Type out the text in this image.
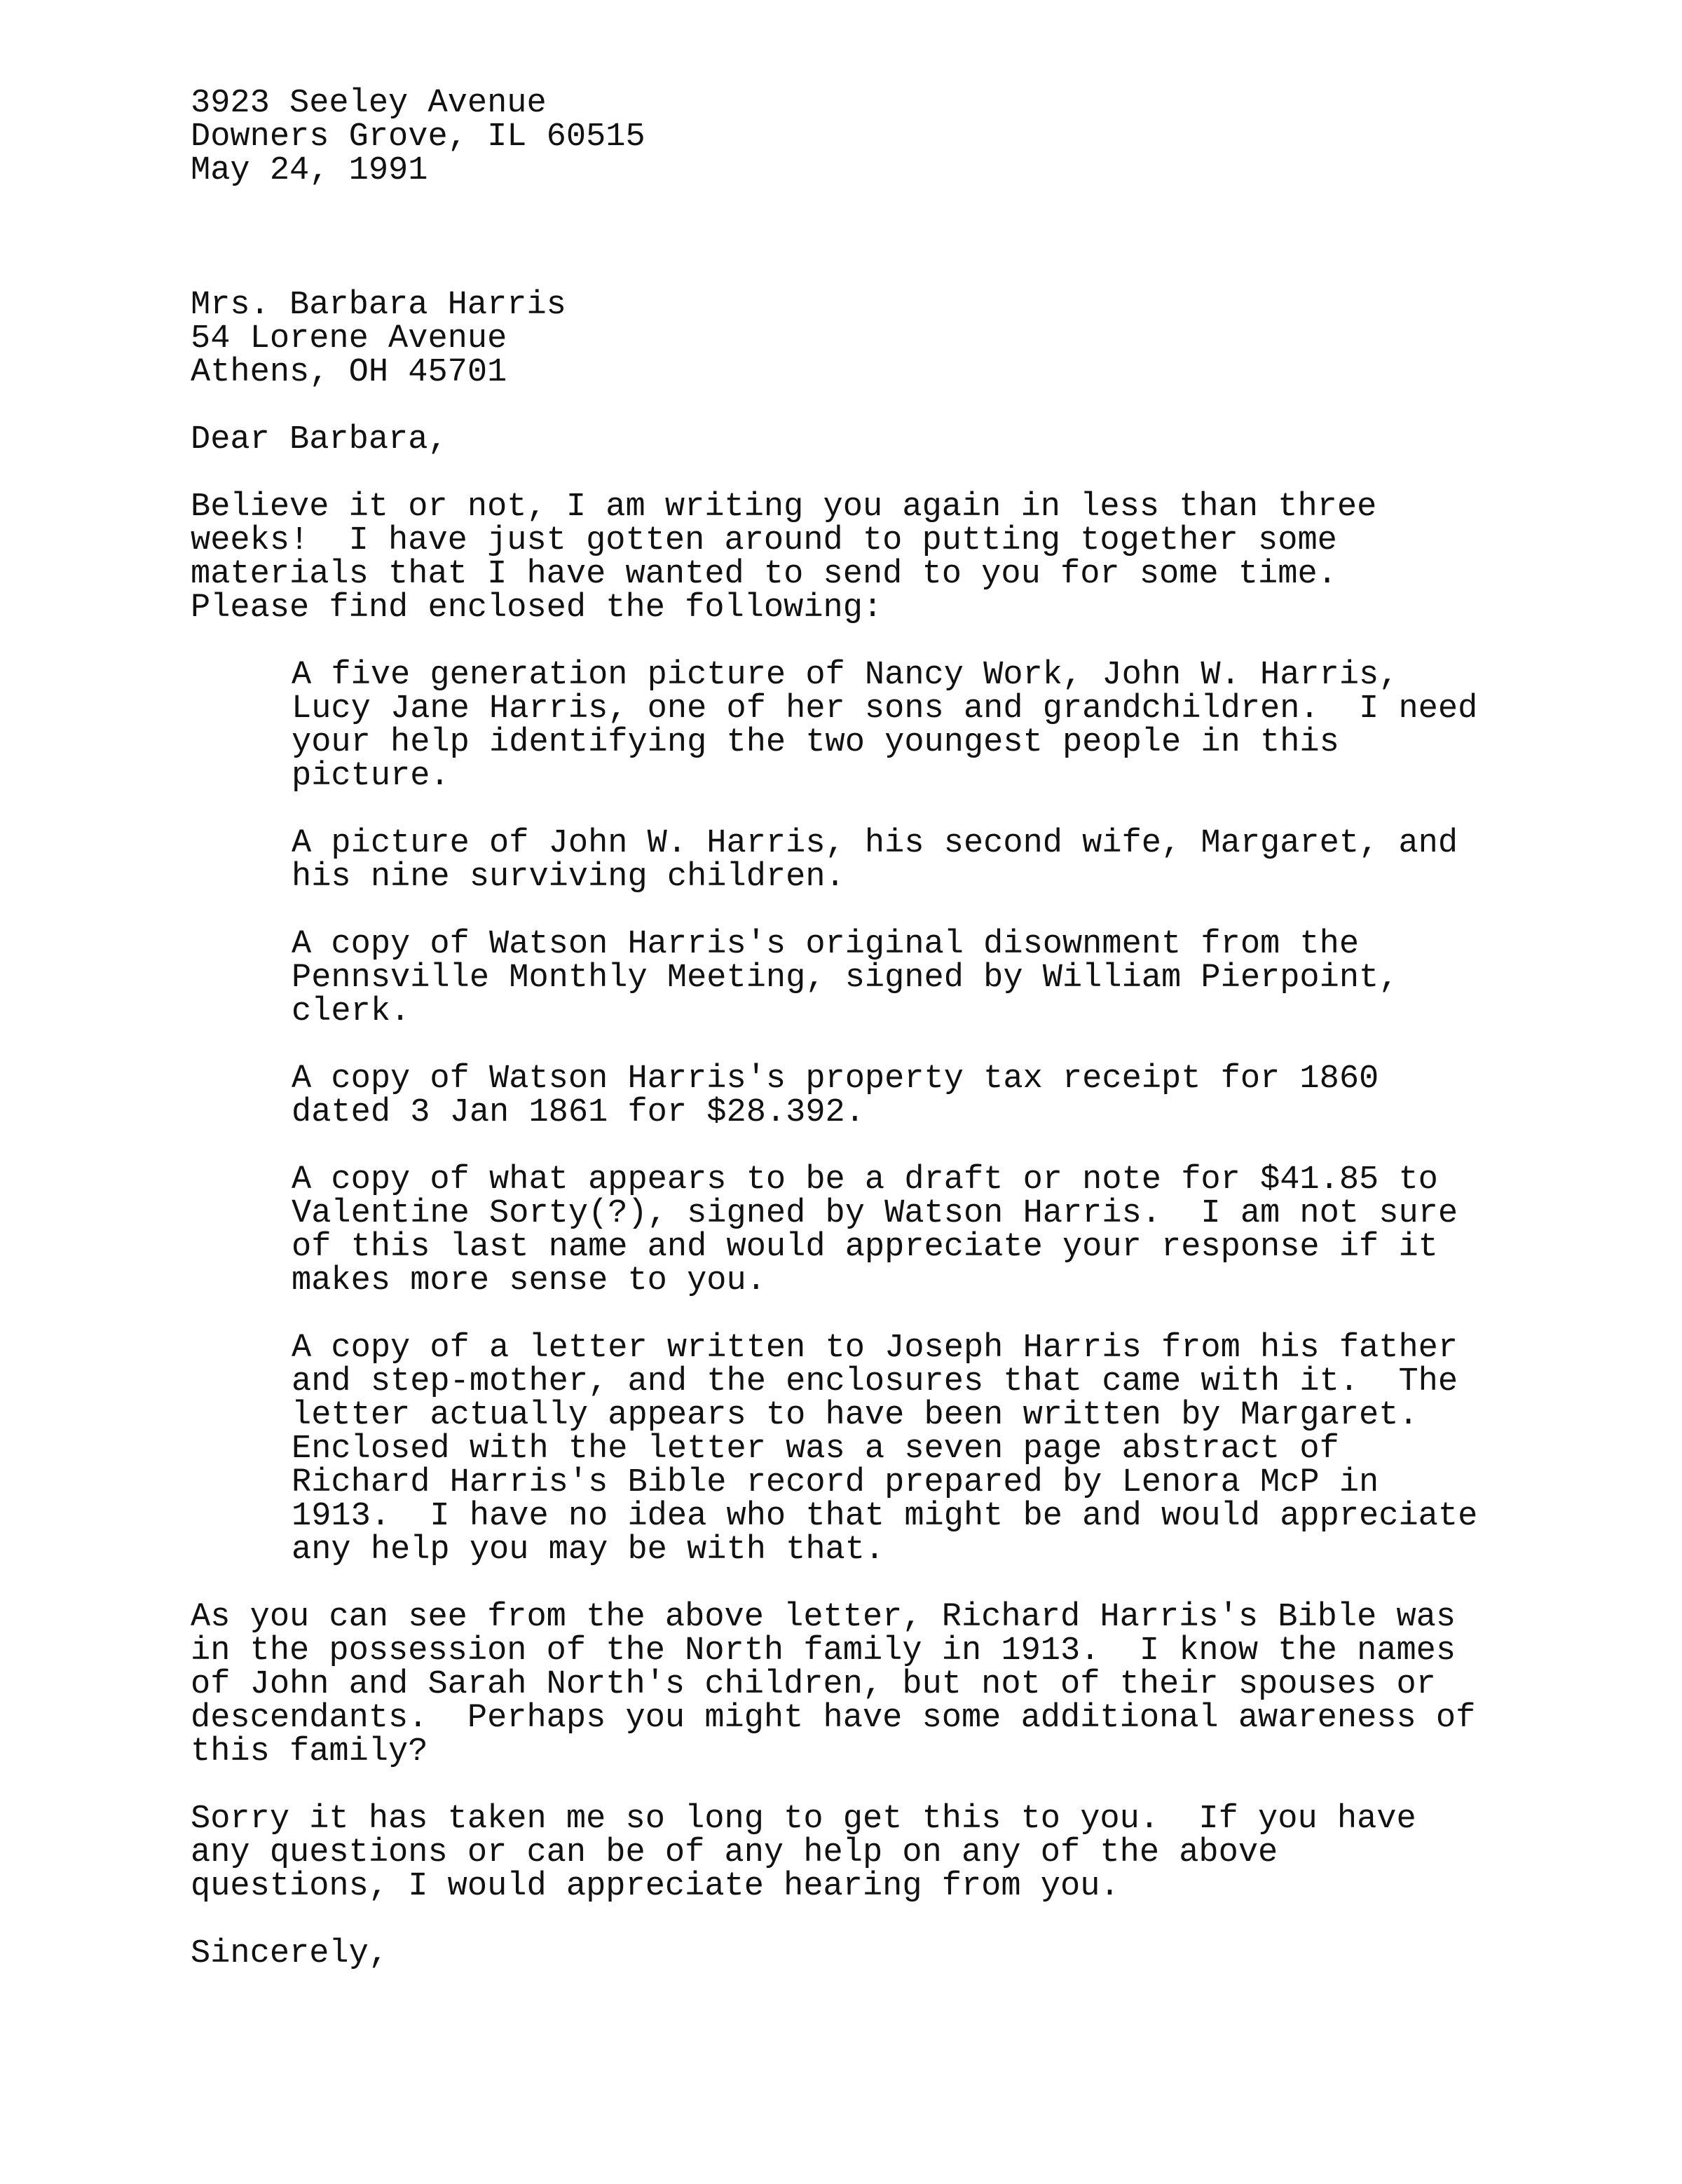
3923 Seeley Avenue
Downers Grove, IL 60515
May 24, 1991
Mrs. Barbara Harris
54 Lorene Avenue
Athens, OH 45701
Dear Barbara,
Believe it or not, I am writing you again in less than three
weeks!  I have just gotten around to putting together some
materials that I have wanted to send to you for some time.
Please find enclosed the following:
A five generation picture of Nancy Work, John W. Harris,
Lucy Jane Harris, one of her sons and grandchildren.  I need
your help identifying the two youngest people in this
picture.
A picture of John W. Harris, his second wife, Margaret, and
his nine surviving children.
A copy of Watson Harris's original disownment from the
Pennsville Monthly Meeting, signed by William Pierpoint,
clerk.
A copy of Watson Harris's property tax receipt for 1860
dated 3 Jan 1861 for $28.392.
A copy of what appears to be a draft or note for $41.85 to
Valentine Sorty(?), signed by Watson Harris.  I am not sure
of this last name and would appreciate your response if it
makes more sense to you.
A copy of a letter written to Joseph Harris from his father
and step-mother, and the enclosures that came with it.  The
letter actually appears to have been written by Margaret.
Enclosed with the letter was a seven page abstract of
Richard Harris's Bible record prepared by Lenora McP in
1913.  I have no idea who that might be and would appreciate
any help you may be with that.
As you can see from the above letter, Richard Harris's Bible was
in the possession of the North family in 1913.  I know the names
of John and Sarah North's children, but not of their spouses or
descendants.  Perhaps you might have some additional awareness of
this family?
Sorry it has taken me so long to get this to you.  If you have
any questions or can be of any help on any of the above
questions, I would appreciate hearing from you.
Sincerely,
